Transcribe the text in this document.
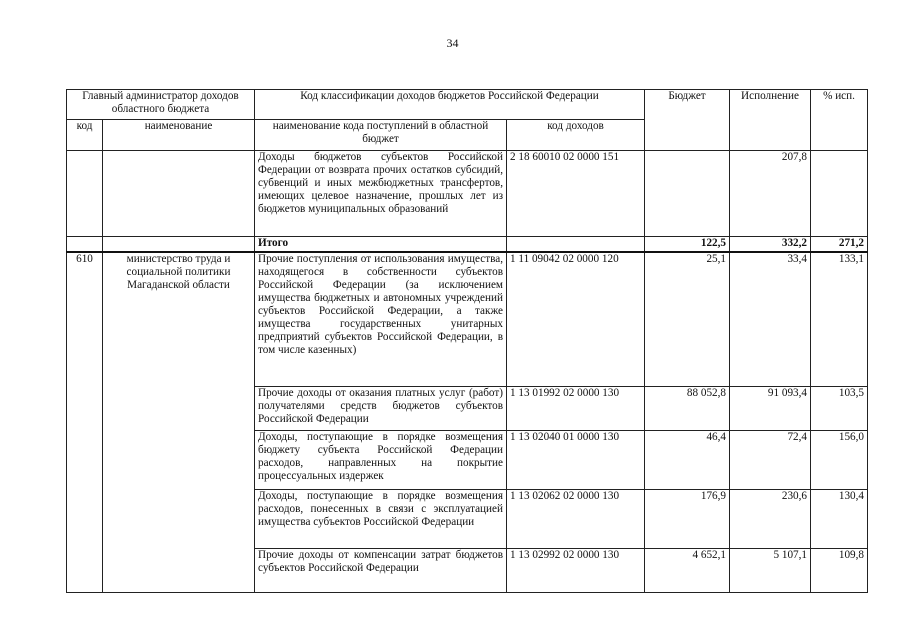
34
Главный администратор доходов областного бюджета		Код классификации доходов бюджетов Российской Федерации		Бюджет	Исполнение	% исп.
код	наименование	наименование кода поступлений в областной бюджет	код доходов			
		Доходы бюджетов субъектов Российской Федерации от возврата прочих остатков субсидий, субвенций и иных межбюджетных трансфертов, имеющих целевое назначение, прошлых лет из бюджетов муниципальных образований	2 18 60010 02 0000 151		207,8	
		Итого		122,5	332,2	271,2
610	министерство труда и социальной политики Магаданской области	Прочие поступления от использования имущества, находящегося в собственности субъектов Российской Федерации (за исключением имущества бюджетных и автономных учреждений субъектов Российской Федерации, а также имущества государственных унитарных предприятий субъектов Российской Федерации, в том числе казенных)	1 11 09042 02 0000 120	25,1	33,4	133,1
		Прочие доходы от оказания платных услуг (работ) получателями средств бюджетов субъектов Российской Федерации	1 13 01992 02 0000 130	88 052,8	91 093,4	103,5
		Доходы, поступающие в порядке возмещения бюджету субъекта Российской Федерации расходов, направленных на покрытие процессуальных издержек	1 13 02040 01 0000 130	46,4	72,4	156,0
		Доходы, поступающие в порядке возмещения расходов, понесенных в связи с эксплуатацией имущества субъектов Российской Федерации	1 13 02062 02 0000 130	176,9	230,6	130,4
		Прочие доходы от компенсации затрат бюджетов субъектов Российской Федерации	1 13 02992 02 0000 130	4 652,1	5 107,1	109,8
